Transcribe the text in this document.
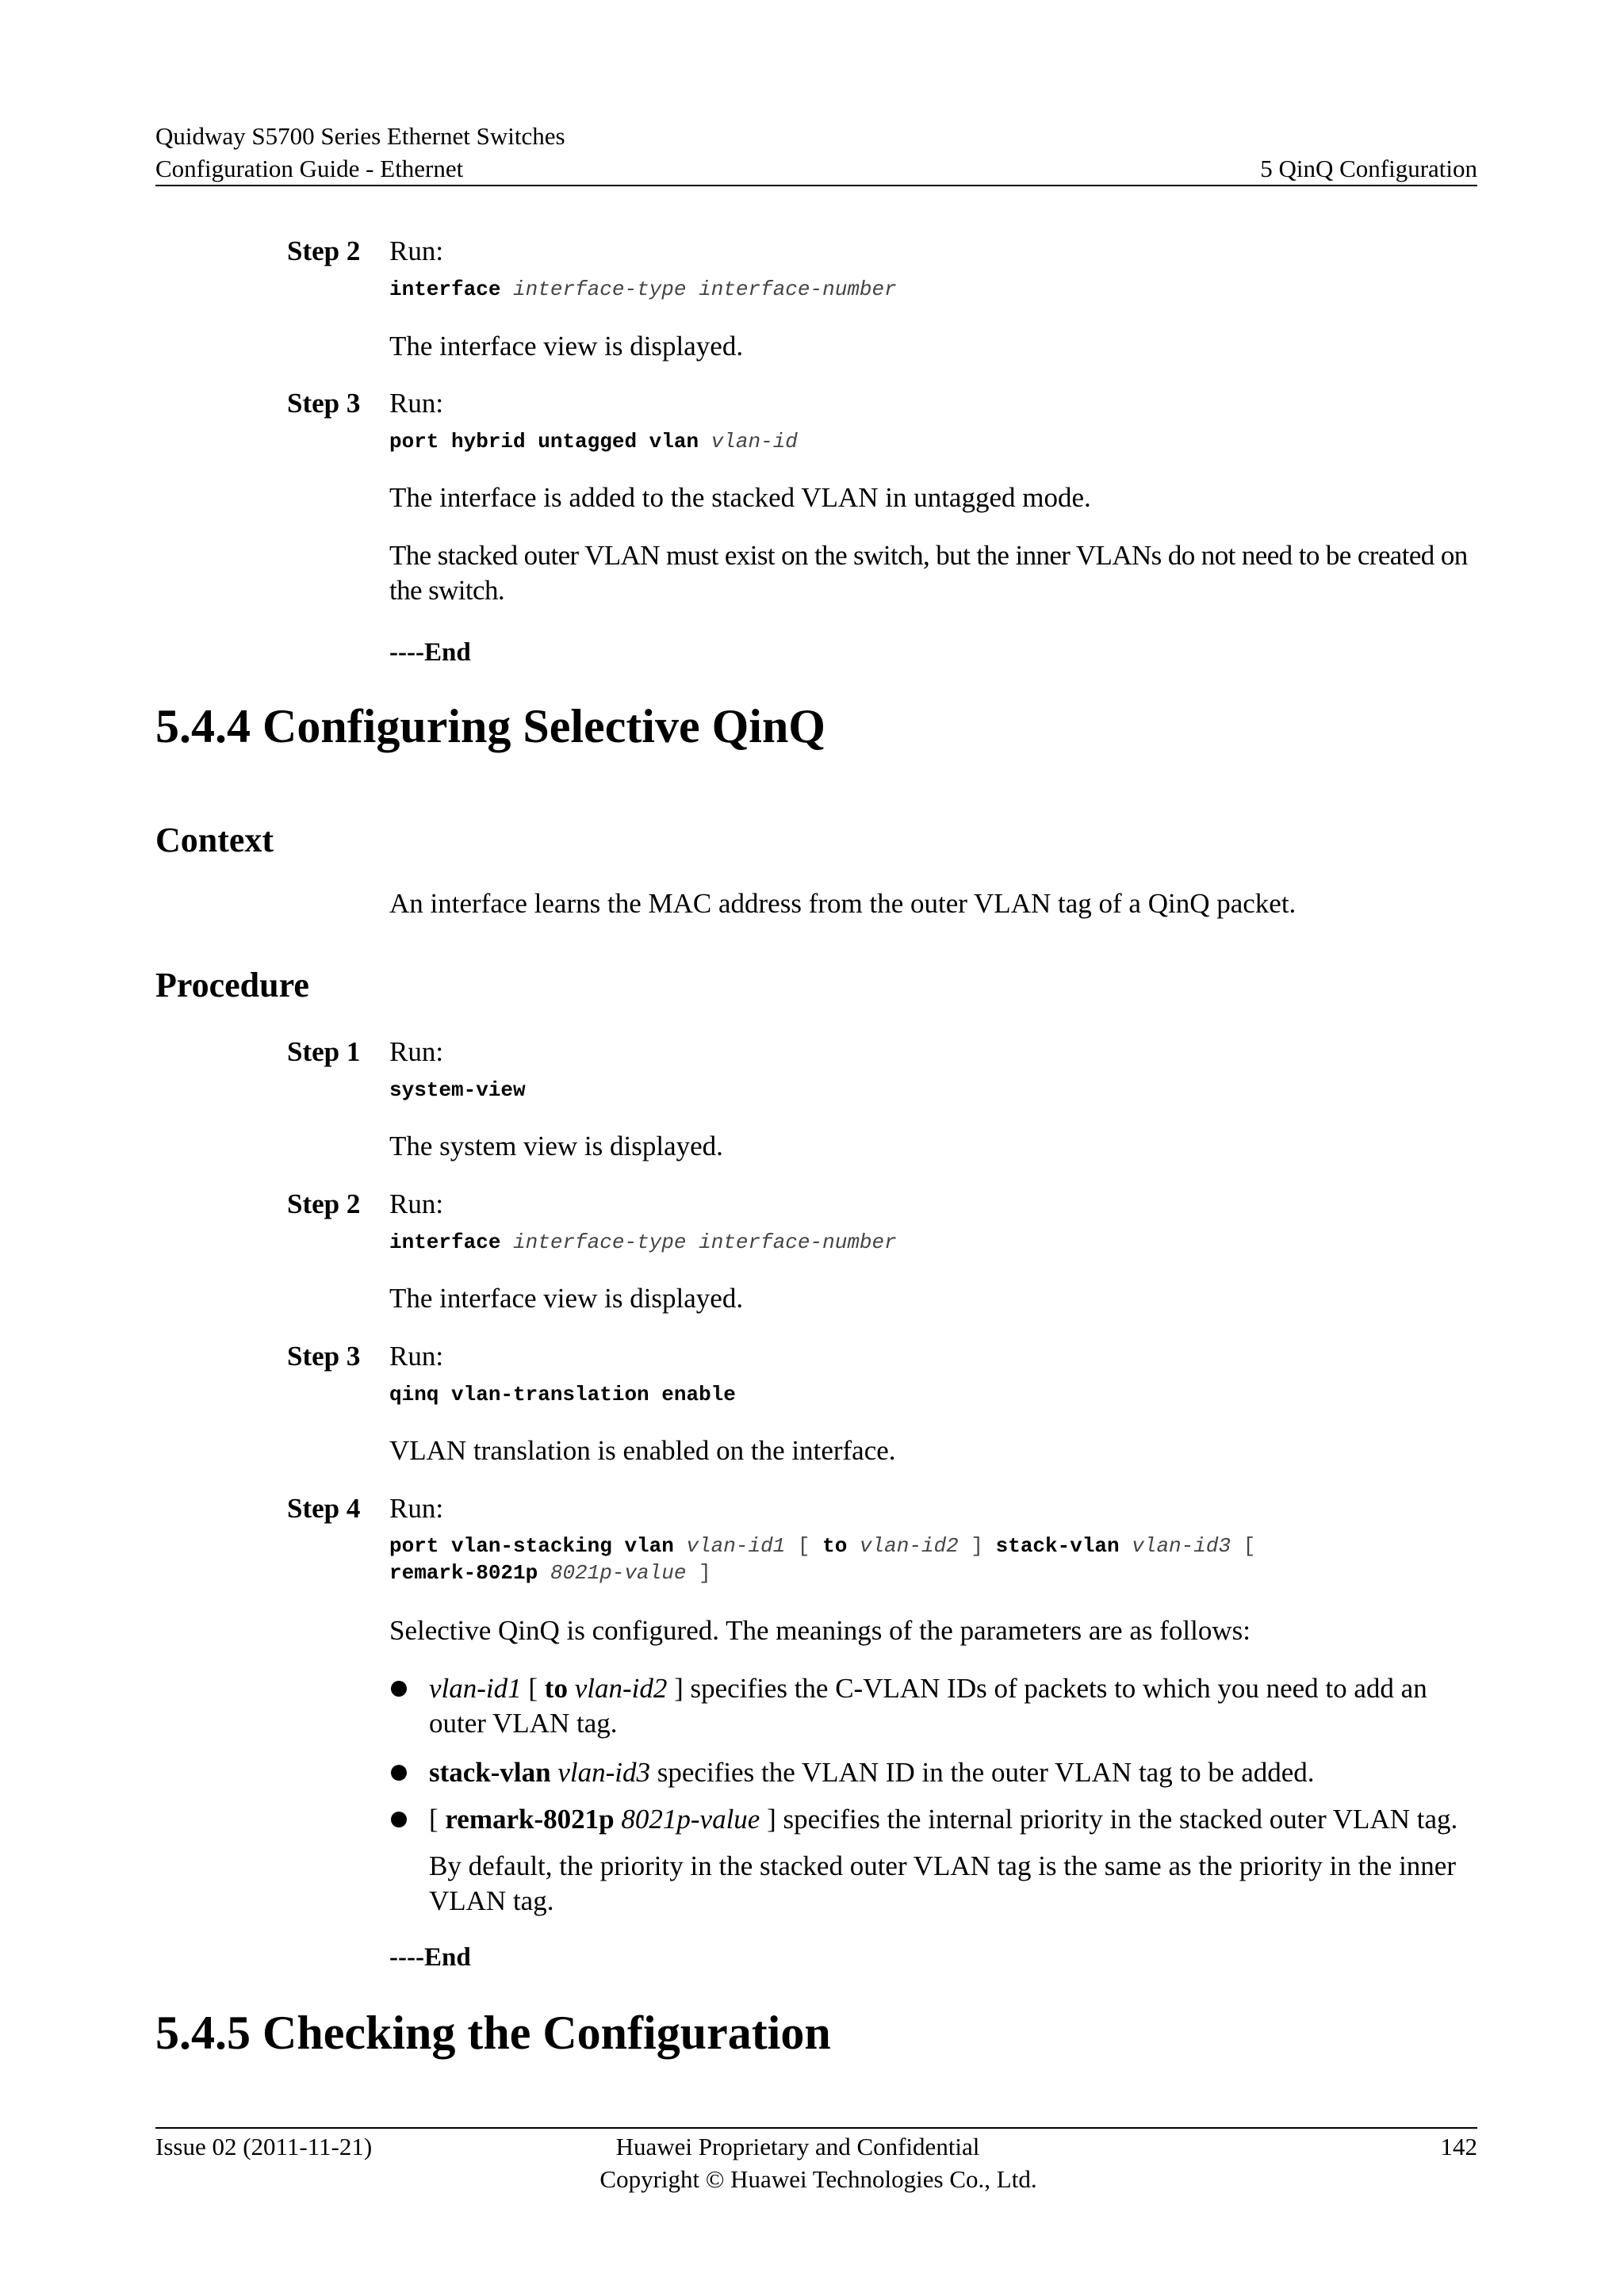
Quidway S5700 Series Ethernet Switches
Configuration Guide - Ethernet	5 QinQ Configuration
Step 2 Run:
interface interface-type interface-number
The interface view is displayed.
Step 3 Run:
port hybrid untagged vlan vlan-id
The interface is added to the stacked VLAN in untagged mode.
The stacked outer VLAN must exist on the switch, but the inner VLANs do not need to be created on the switch.
----End
5.4.4 Configuring Selective QinQ
Context
An interface learns the MAC address from the outer VLAN tag of a QinQ packet.
Procedure
Step 1 Run:
system-view
The system view is displayed.
Step 2 Run:
interface interface-type interface-number
The interface view is displayed.
Step 3 Run:
qinq vlan-translation enable
VLAN translation is enabled on the interface.
Step 4 Run:
port vlan-stacking vlan vlan-id1 [ to vlan-id2 ] stack-vlan vlan-id3 [
remark-8021p 8021p-value ]
Selective QinQ is configured. The meanings of the parameters are as follows:
vlan-id1 [ to vlan-id2 ] specifies the C-VLAN IDs of packets to which you need to add an outer VLAN tag.
stack-vlan vlan-id3 specifies the VLAN ID in the outer VLAN tag to be added.
[ remark-8021p 8021p-value ] specifies the internal priority in the stacked outer VLAN tag.
By default, the priority in the stacked outer VLAN tag is the same as the priority in the inner VLAN tag.
----End
5.4.5 Checking the Configuration
Issue 02 (2011-11-21)	Huawei Proprietary and Confidential
Copyright © Huawei Technologies Co., Ltd.
142
